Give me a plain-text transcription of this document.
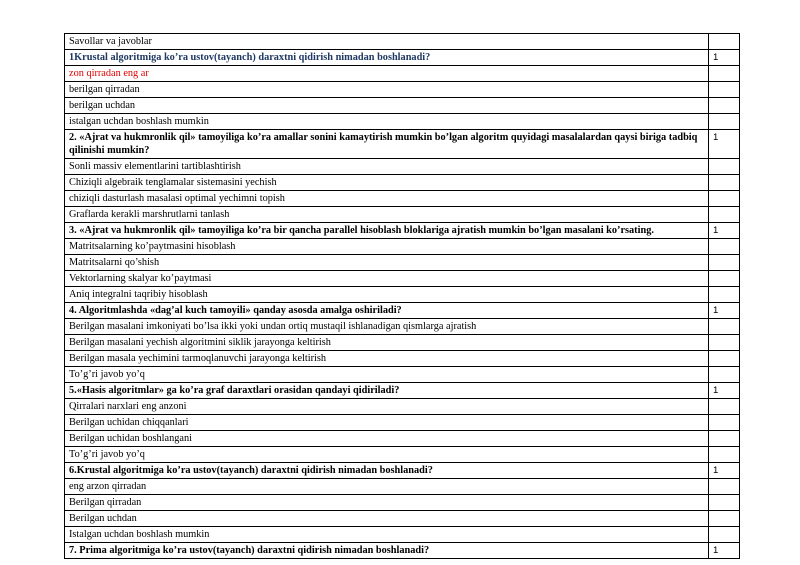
Savollar va javoblar	
1Krustal algoritmiga ko’ra ustov(tayanch) daraxtni qidirish nimadan boshlanadi?	1
zon qirradan eng ar	
berilgan qirradan	
berilgan uchdan	
istalgan uchdan boshlash mumkin	
2. «Ajrat va hukmronlik qil» tamoyiliga ko’ra amallar sonini kamaytirish mumkin bo’lgan algoritm quyidagi masalalardan qaysi biriga tadbiq qilinishi mumkin?	1
Sonli massiv elementlarini tartiblashtirish	
Chiziqli algebraik tenglamalar sistemasini yechish	
chiziqli dasturlash masalasi optimal yechimni topish	
Graflarda kerakli marshrutlarni tanlash	
3. «Ajrat va hukmronlik qil» tamoyiliga ko’ra bir qancha parallel hisoblash bloklariga ajratish mumkin bo’lgan masalani ko’rsating.	1
Matritsalarning ko’paytmasini hisoblash	
Matritsalarni qo’shish	
Vektorlarning skalyar ko’paytmasi	
Aniq integralni taqribiy hisoblash	
4. Algoritmlashda «dag’al kuch tamoyili» qanday asosda amalga oshiriladi?	1
Berilgan masalani imkoniyati bo’lsa ikki yoki undan ortiq mustaqil ishlanadigan qismlarga ajratish	
Berilgan masalani yechish algoritmini siklik jarayonga keltirish	
Berilgan masala yechimini tarmoqlanuvchi jarayonga keltirish	
To’g’ri javob yo’q	
5.«Hasis algoritmlar» ga ko’ra graf daraxtlari orasidan qandayi qidiriladi?	1
Qirralari narxlari eng anzoni	
Berilgan uchidan chiqqanlari	
Berilgan uchidan boshlangani	
To’g’ri javob yo’q	
6.Krustal algoritmiga ko’ra ustov(tayanch) daraxtni qidirish nimadan boshlanadi?	1
eng arzon qirradan	
Berilgan qirradan	
Berilgan uchdan	
Istalgan uchdan boshlash mumkin	
7. Prima algoritmiga ko’ra ustov(tayanch) daraxtni qidirish nimadan boshlanadi?	1
